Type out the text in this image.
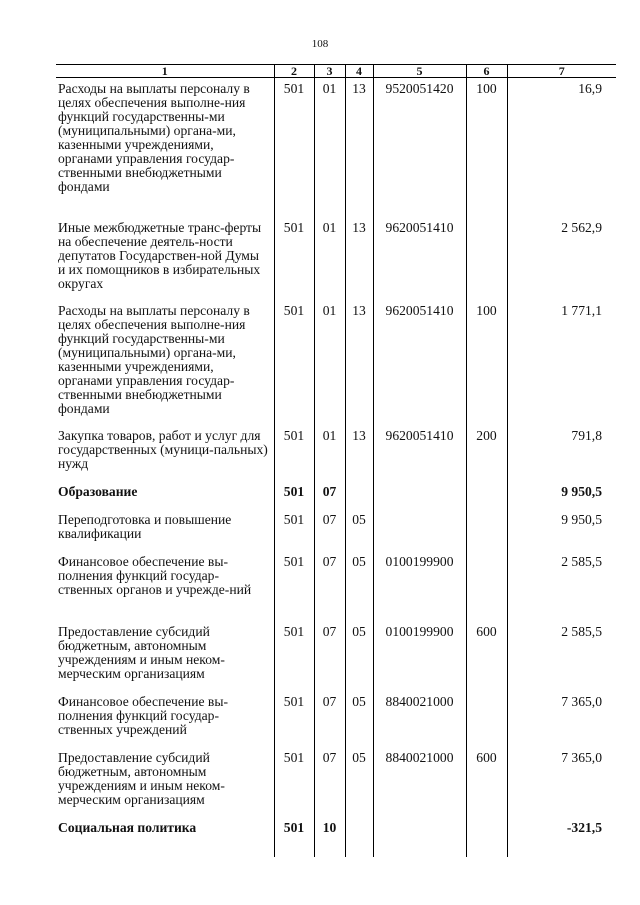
108
1	2	3	4	5	6	7
Расходы на выплаты персоналу в целях обеспечения выполне-ния функций государственны-ми (муниципальными) органа-ми, казенными учреждениями, органами управления государ-ственными внебюджетными фондами	501	01	13	9520051420	100	16,9
Иные межбюджетные транс-ферты на обеспечение деятель-ности депутатов Государствен-ной Думы и их помощников в избирательных округах	501	01	13	9620051410		2 562,9
Расходы на выплаты персоналу в целях обеспечения выполне-ния функций государственны-ми (муниципальными) органа-ми, казенными учреждениями, органами управления государ-ственными внебюджетными фондами	501	01	13	9620051410	100	1 771,1
Закупка товаров, работ и услуг для государственных (муници-пальных) нужд	501	01	13	9620051410	200	791,8
Образование	501	07				9 950,5
Переподготовка и повышение квалификации	501	07	05			9 950,5
Финансовое обеспечение вы-полнения функций государ-ственных органов и учрежде-ний	501	07	05	0100199900		2 585,5
Предоставление субсидий бюджетным, автономным учреждениям и иным неком-мерческим организациям	501	07	05	0100199900	600	2 585,5
Финансовое обеспечение вы-полнения функций государ-ственных учреждений	501	07	05	8840021000		7 365,0
Предоставление субсидий бюджетным, автономным учреждениям и иным неком-мерческим организациям	501	07	05	8840021000	600	7 365,0
Социальная политика	501	10				-321,5
